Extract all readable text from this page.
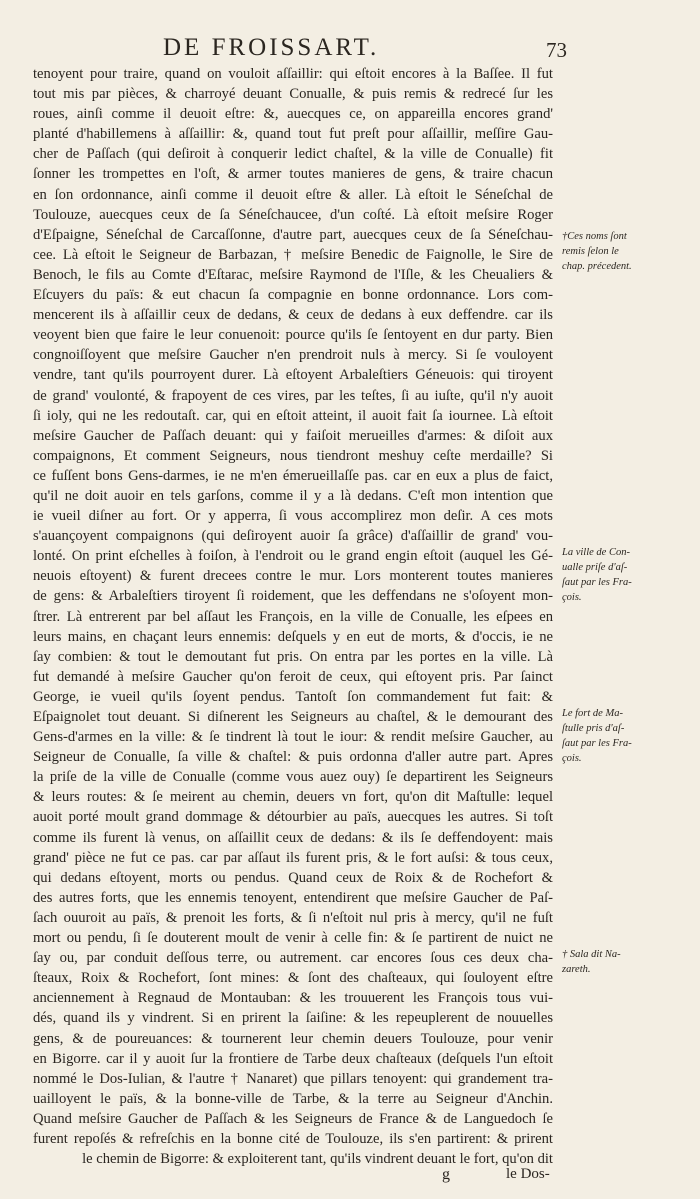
DE FROISSART.	73
tenoyent pour traire, quand on vouloit aſſaillir: qui eſtoit encores à la Baſſee. Il fut
tout mis par pièces, & charroyé deuant Conualle, & puis remis & redrecé ſur les
roues, ainſi comme il deuoit eſtre: &, auecques ce, on appareilla encores grand'
planté d'habillemens à aſſaillir: &, quand tout fut preſt pour aſſaillir, meſſire Gau-
cher de Paſſach (qui deſiroit à conquerir ledict chaſtel, & la ville de Conualle) fit
ſonner les trompettes en l'oſt, & armer toutes manieres de gens, & traire chacun
en ſon ordonnance, ainſi comme il deuoit eſtre & aller. Là eſtoit le Séneſchal de
Toulouze, auecques ceux de ſa Séneſchaucee, d'un coſté. Là eſtoit meſsire Roger
d'Eſpaigne, Séneſchal de Carcaſſonne, d'autre part, auecques ceux de ſa Séneſchau-
cee. Là eſtoit le Seigneur de Barbazan, † meſsire Benedic de Faignolle, le Sire de
Benoch, le fils au Comte d'Eſtarac, meſsire Raymond de l'Iſle, & les Cheualiers &
Eſcuyers du païs: & eut chacun ſa compagnie en bonne ordonnance. Lors com-
mencerent ils à aſſaillir ceux de dedans, & ceux de dedans à eux deffendre. car ils
veoyent bien que faire le leur conuenoit: pource qu'ils ſe ſentoyent en dur party. Bien
congnoiſſoyent que meſsire Gaucher n'en prendroit nuls à mercy. Si ſe vouloyent
vendre, tant qu'ils pourroyent durer. Là eſtoyent Arbaleſtiers Géneuois: qui tiroyent
de grand' voulonté, & frapoyent de ces vires, par les teſtes, ſi au iuſte, qu'il n'y auoit
ſi ioly, qui ne les redoutaſt. car, qui en eſtoit atteint, il auoit fait ſa iournee. Là eſtoit
meſsire Gaucher de Paſſach deuant: qui y faiſoit merueilles d'armes: & diſoit aux
compaignons, Et comment Seigneurs, nous tiendront meshuy ceſte merdaille? Si
ce fuſſent bons Gens-darmes, ie ne m'en émerueillaſſe pas. car en eux a plus de faict,
qu'il ne doit auoir en tels garſons, comme il y a là dedans. C'eſt mon intention que
ie vueil diſner au fort. Or y apperra, ſi vous accomplirez mon deſir. A ces mots
s'auançoyent compaignons (qui deſiroyent auoir ſa grâce) d'aſſaillir de grand' vou-
lonté. On print eſchelles à foiſon, à l'endroit ou le grand engin eſtoit (auquel les Gé-
neuois eſtoyent) & furent drecees contre le mur. Lors monterent toutes manieres
de gens: & Arbaleſtiers tiroyent ſi roidement, que les deffendans ne s'oſoyent mon-
ſtrer. Là entrerent par bel aſſaut les François, en la ville de Conualle, les eſpees en
leurs mains, en chaçant leurs ennemis: deſquels y en eut de morts, & d'occis, ie ne
ſay combien: & tout le demoutant fut pris. On entra par les portes en la ville. Là
fut demandé à meſsire Gaucher qu'on feroit de ceux, qui eſtoyent pris. Par ſainct
George, ie vueil qu'ils ſoyent pendus. Tantoſt ſon commandement fut fait: &
Eſpaignolet tout deuant. Si diſnerent les Seigneurs au chaſtel, & le demourant des
Gens-d'armes en la ville: & ſe tindrent là tout le iour: & rendit meſsire Gaucher, au
Seigneur de Conualle, ſa ville & chaſtel: & puis ordonna d'aller autre part. Apres
la priſe de la ville de Conualle (comme vous auez ouy) ſe departirent les Seigneurs
& leurs routes: & ſe meirent au chemin, deuers vn fort, qu'on dit Maſtulle: lequel
auoit porté moult grand dommage & détourbier au païs, auecques les autres. Si toſt
comme ils furent là venus, on aſſaillit ceux de dedans: & ils ſe deffendoyent: mais
grand' pièce ne fut ce pas. car par aſſaut ils furent pris, & le fort auſsi: & tous ceux,
qui dedans eſtoyent, morts ou pendus. Quand ceux de Roix & de Rochefort &
des autres forts, que les ennemis tenoyent, entendirent que meſsire Gaucher de Paſ-
ſach ouuroit au païs, & prenoit les forts, & ſi n'eſtoit nul pris à mercy, qu'il ne fuſt
mort ou pendu, ſi ſe douterent moult de venir à celle fin: & ſe partirent de nuict ne
ſay ou, par conduit deſſous terre, ou autrement. car encores ſous ces deux cha-
ſteaux, Roix & Rochefort, ſont mines: & ſont des chaſteaux, qui ſouloyent eſtre
anciennement à Regnaud de Montauban: & les trouuerent les François tous vui-
dés, quand ils y vindrent. Si en prirent la ſaiſine: & les repeuplerent de nouuelles
gens, & de poureuances: & tournerent leur chemin deuers Toulouze, pour venir
en Bigorre. car il y auoit ſur la frontiere de Tarbe deux chaſteaux (deſquels l'un eſtoit
nommé le Dos-Iulian, & l'autre † Nanaret) que pillars tenoyent: qui grandement tra-
uailloyent le païs, & la bonne-ville de Tarbe, & la terre au Seigneur d'Anchin.
Quand meſsire Gaucher de Paſſach & les Seigneurs de France & de Languedoch ſe
furent repoſés & refreſchis en la bonne cité de Toulouze, ils s'en partirent: & prirent
le chemin de Bigorre: & exploiterent tant, qu'ils vindrent deuant le fort, qu'on dit
†Ces noms ſont
remis ſelon le
chap. précedent.
La ville de Con-
ualle priſe d'aſ-
ſaut par les Fra-
çois.
Le fort de Ma-
ſtulle pris d'aſ-
ſaut par les Fra-
çois.
† Sala dit Na-
zareth.
g	le Dos-
